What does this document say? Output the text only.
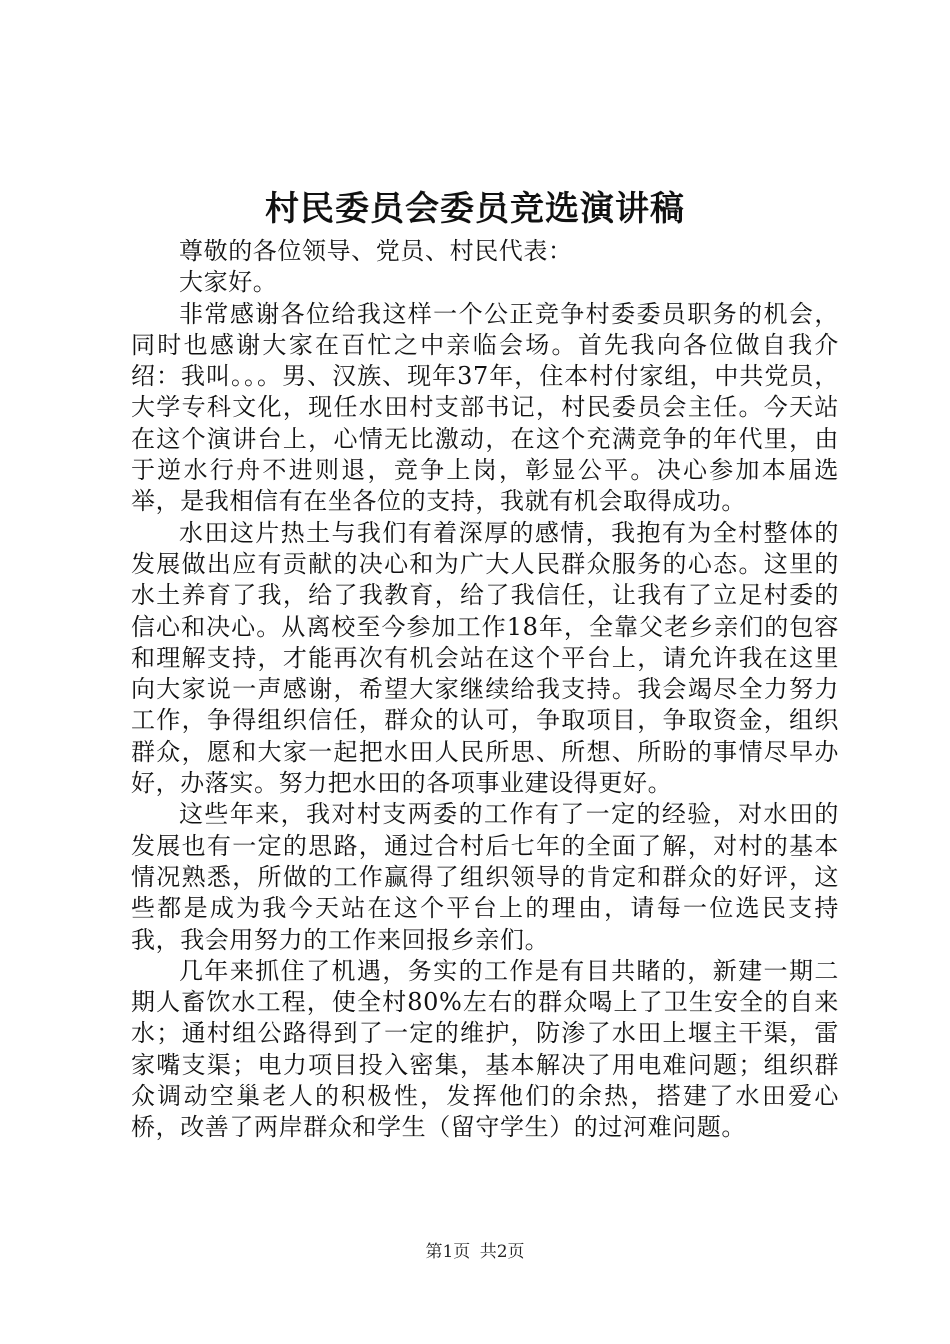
村民委员会委员竞选演讲稿

尊敬的各位领导、党员、村民代表：

大家好。

非常感谢各位给我这样一个公正竞争村委委员职务的机会，同时也感谢大家在百忙之中亲临会场。首先我向各位做自我介绍：我叫。。。男、汉族、现年37年，住本村付家组，中共党员，大学专科文化，现任水田村支部书记，村民委员会主任。今天站在这个演讲台上，心情无比激动，在这个充满竞争的年代里，由于逆水行舟不进则退，竞争上岗，彰显公平。决心参加本届选举，是我相信有在坐各位的支持，我就有机会取得成功。

水田这片热土与我们有着深厚的感情，我抱有为全村整体的发展做出应有贡献的决心和为广大人民群众服务的心态。这里的水土养育了我，给了我教育，给了我信任，让我有了立足村委的信心和决心。从离校至今参加工作18年，全靠父老乡亲们的包容和理解支持，才能再次有机会站在这个平台上，请允许我在这里向大家说一声感谢，希望大家继续给我支持。我会竭尽全力努力工作，争得组织信任，群众的认可，争取项目，争取资金，组织群众，愿和大家一起把水田人民所思、所想、所盼的事情尽早办好，办落实。努力把水田的各项事业建设得更好。

这些年来，我对村支两委的工作有了一定的经验，对水田的发展也有一定的思路，通过合村后七年的全面了解，对村的基本情况熟悉，所做的工作赢得了组织领导的肯定和群众的好评，这些都是成为我今天站在这个平台上的理由，请每一位选民支持我，我会用努力的工作来回报乡亲们。

几年来抓住了机遇，务实的工作是有目共睹的，新建一期二期人畜饮水工程，使全村80%左右的群众喝上了卫生安全的自来水；通村组公路得到了一定的维护，防渗了水田上堰主干渠，雷家嘴支渠；电力项目投入密集，基本解决了用电难问题；组织群众调动空巢老人的积极性，发挥他们的余热，搭建了水田爱心桥，改善了两岸群众和学生（留守学生）的过河难问题。

第1页 共2页
